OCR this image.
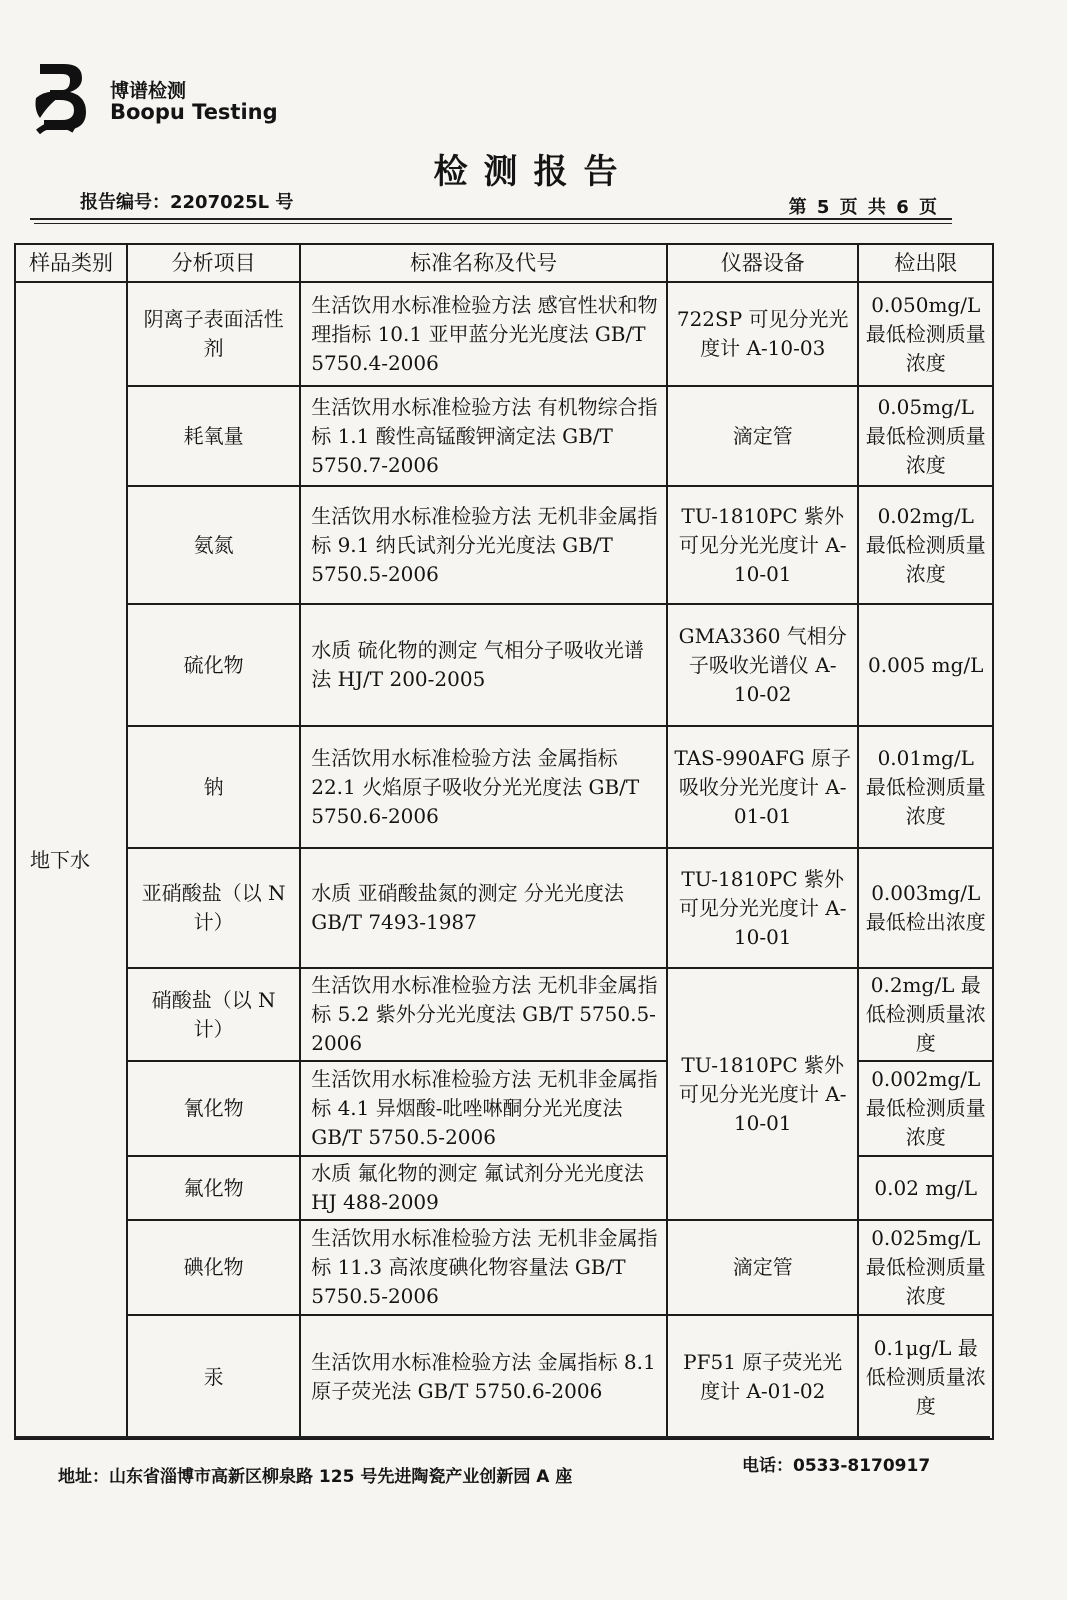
博谱检测
Boopu Testing
检测报告
报告编号：2207025L 号	第 5 页 共 6 页
样品类别	分析项目	标准名称及代号	仪器设备	检出限
地下水	阴离子表面活性剂	生活饮用水标准检验方法 感官性状和物理指标 10.1 亚甲蓝分光光度法 GB/T 5750.4-2006	722SP 可见分光光度计 A-10-03	0.050mg/L 最低检测质量浓度
	耗氧量	生活饮用水标准检验方法 有机物综合指标 1.1 酸性高锰酸钾滴定法 GB/T 5750.7-2006	滴定管	0.05mg/L 最低检测质量浓度
	氨氮	生活饮用水标准检验方法 无机非金属指标 9.1 纳氏试剂分光光度法 GB/T 5750.5-2006	TU-1810PC 紫外可见分光光度计 A-10-01	0.02mg/L 最低检测质量浓度
	硫化物	水质 硫化物的测定 气相分子吸收光谱法 HJ/T 200-2005	GMA3360 气相分子吸收光谱仪 A-10-02	0.005 mg/L
	钠	生活饮用水标准检验方法 金属指标 22.1 火焰原子吸收分光光度法 GB/T 5750.6-2006	TAS-990AFG 原子吸收分光光度计 A-01-01	0.01mg/L 最低检测质量浓度
	亚硝酸盐（以 N 计）	水质 亚硝酸盐氮的测定 分光光度法 GB/T 7493-1987	TU-1810PC 紫外可见分光光度计 A-10-01	0.003mg/L 最低检出浓度
	硝酸盐（以 N 计）	生活饮用水标准检验方法 无机非金属指标 5.2 紫外分光光度法 GB/T 5750.5-2006	TU-1810PC 紫外可见分光光度计 A-10-01	0.2mg/L 最低检测质量浓度
	氰化物	生活饮用水标准检验方法 无机非金属指标 4.1 异烟酸-吡唑啉酮分光光度法 GB/T 5750.5-2006		0.002mg/L 最低检测质量浓度
	氟化物	水质 氟化物的测定 氟试剂分光光度法 HJ 488-2009		0.02 mg/L
	碘化物	生活饮用水标准检验方法 无机非金属指标 11.3 高浓度碘化物容量法 GB/T 5750.5-2006	滴定管	0.025mg/L 最低检测质量浓度
	汞	生活饮用水标准检验方法 金属指标 8.1 原子荧光法 GB/T 5750.6-2006	PF51 原子荧光光度计 A-01-02	0.1μg/L 最低检测质量浓度
电话：0533-8170917
地址：山东省淄博市高新区柳泉路 125 号先进陶瓷产业创新园 A 座
